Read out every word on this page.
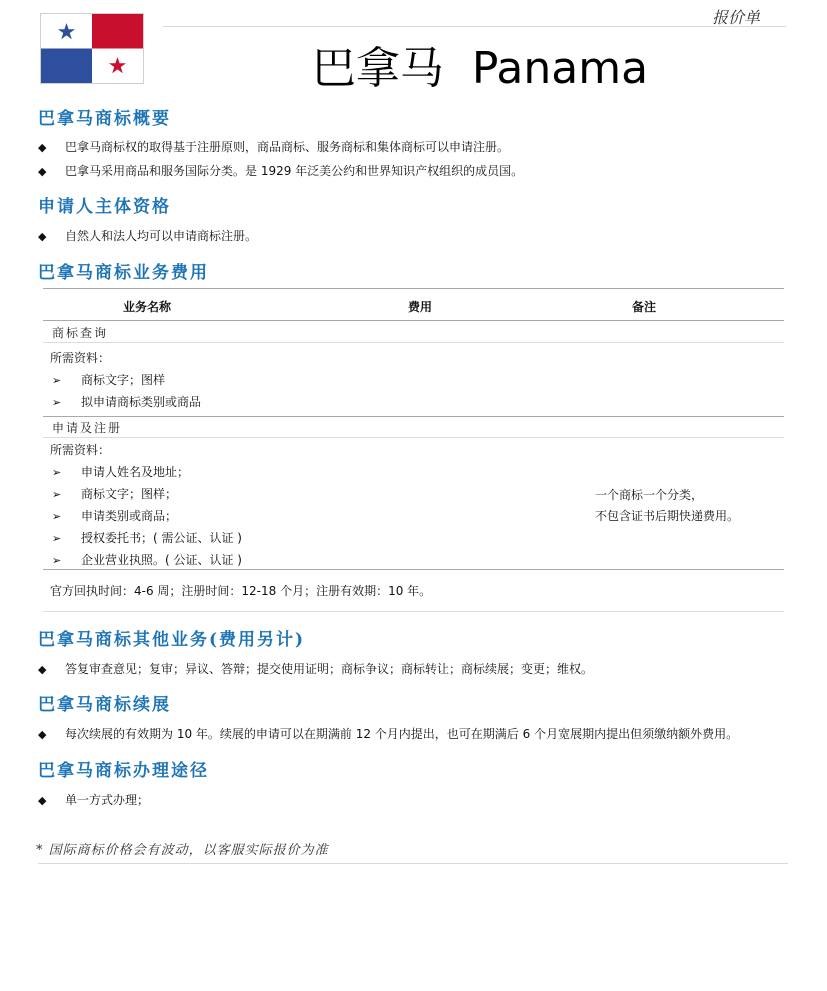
报价单
巴拿马  Panama
巴拿马商标概要
◆ 巴拿马商标权的取得基于注册原则，商品商标、服务商标和集体商标可以申请注册。
◆ 巴拿马采用商品和服务国际分类。是 1929 年泛美公约和世界知识产权组织的成员国。
申请人主体资格
◆ 自然人和法人均可以申请商标注册。
巴拿马商标业务费用
业务名称	费用	备注
商标查询
所需资料：
➢ 商标文字；图样
➢ 拟申请商标类别或商品
申请及注册
所需资料：
➢ 申请人姓名及地址；
➢ 商标文字；图样；
➢ 申请类别或商品；
➢ 授权委托书；( 需公证、认证 )
➢ 企业营业执照。( 公证、认证 )
一个商标一个分类，
不包含证书后期快递费用。
官方回执时间：4-6 周；注册时间：12-18 个月；注册有效期：10 年。
巴拿马商标其他业务(费用另计)
◆ 答复审查意见；复审；异议、答辩；提交使用证明；商标争议；商标转让；商标续展；变更；维权。
巴拿马商标续展
◆ 每次续展的有效期为 10 年。续展的申请可以在期满前 12 个月内提出，也可在期满后 6 个月宽展期内提出但须缴纳额外费用。
巴拿马商标办理途径
◆ 单一方式办理；
* 国际商标价格会有波动，以客服实际报价为准
